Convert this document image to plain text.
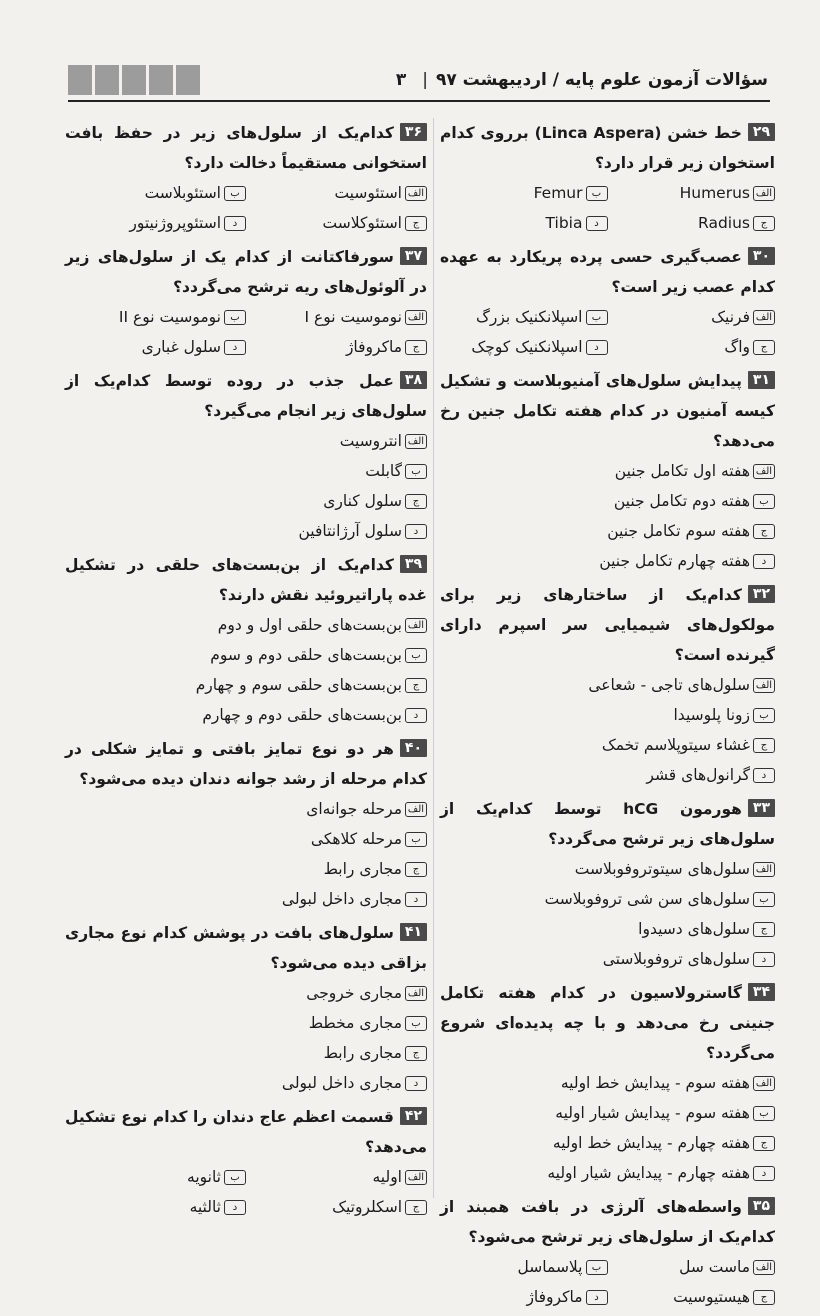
سؤالات آزمون علوم پایه / اردیبهشت ۹۷
|
۳
۲۹خط خشن (Linca Aspera) برروی کدام استخوان زیر قرار دارد؟
الف
Humerus
ب
Femur
ج
Radius
د
Tibia
۳۰عصب‌گیری حسی پرده پریکارد به عهده کدام عصب زیر است؟
الف
فرنیک
ب
اسپلانکنیک بزرگ
ج
واگ
د
اسپلانکنیک کوچک
۳۱پیدایش سلول‌های آمنیوبلاست و تشکیل کیسه آمنیون در کدام هفته تکامل جنین رخ می‌دهد؟
الف
هفته اول تکامل جنین
ب
هفته دوم تکامل جنین
ج
هفته سوم تکامل جنین
د
هفته چهارم تکامل جنین
۳۲کدام‌یک از ساختارهای زیر برای مولکول‌های شیمیایی سر اسپرم دارای گیرنده است؟
الف
سلول‌های تاجی - شعاعی
ب
زونا پلوسیدا
ج
غشاء سیتوپلاسم تخمک
د
گرانول‌های قشر
۳۳هورمون hCG توسط کدام‌یک از سلول‌های زیر ترشح می‌گردد؟
الف
سلول‌های سیتوتروفوبلاست
ب
سلول‌های سن شی تروفوبلاست
ج
سلول‌های دسیدوا
د
سلول‌های تروفوبلاستی
۳۴گاسترولاسیون در کدام هفته تکامل جنینی رخ می‌دهد و با چه پدیده‌ای شروع می‌گردد؟
الف
هفته سوم - پیدایش خط اولیه
ب
هفته سوم - پیدایش شیار اولیه
ج
هفته چهارم - پیدایش خط اولیه
د
هفته چهارم - پیدایش شیار اولیه
۳۵واسطه‌های آلرژی در بافت همبند از کدام‌یک از سلول‌های زیر ترشح می‌شود؟
الف
ماست سل
ب
پلاسماسل
ج
هیستیوسیت
د
ماکروفاژ
۳۶کدام‌یک از سلول‌های زیر در حفظ بافت استخوانی مستقیماً دخالت دارد؟
الف
استئوسیت
ب
استئوبلاست
ج
استئوکلاست
د
استئوپروژنیتور
۳۷سورفاکتانت از کدام یک از سلول‌های زیر در آلوئول‌های ریه ترشح می‌گردد؟
الف
نوموسیت نوع I
ب
نوموسیت نوع II
ج
ماکروفاژ
د
سلول غباری
۳۸عمل جذب در روده توسط کدام‌یک از سلول‌های زیر انجام می‌گیرد؟
الف
انتروسیت
ب
گابلت
ج
سلول کناری
د
سلول آرژانتافین
۳۹کدام‌یک از بن‌بست‌های حلقی در تشکیل غده پاراتیروئید نقش دارند؟
الف
بن‌بست‌های حلقی اول و دوم
ب
بن‌بست‌های حلقی دوم و سوم
ج
بن‌بست‌های حلقی سوم و چهارم
د
بن‌بست‌های حلقی دوم و چهارم
۴۰هر دو نوع تمایز بافتی و تمایز شکلی در کدام مرحله از رشد جوانه دندان دیده می‌شود؟
الف
مرحله جوانه‌ای
ب
مرحله کلاهکی
ج
مجاری رابط
د
مجاری داخل لبولی
۴۱سلول‌های بافت در پوشش کدام نوع مجاری بزاقی دیده می‌شود؟
الف
مجاری خروجی
ب
مجاری مخطط
ج
مجاری رابط
د
مجاری داخل لبولی
۴۲قسمت اعظم عاج دندان را کدام نوع تشکیل می‌دهد؟
الف
اولیه
ب
ثانویه
ج
اسکلروتیک
د
ثالثیه
